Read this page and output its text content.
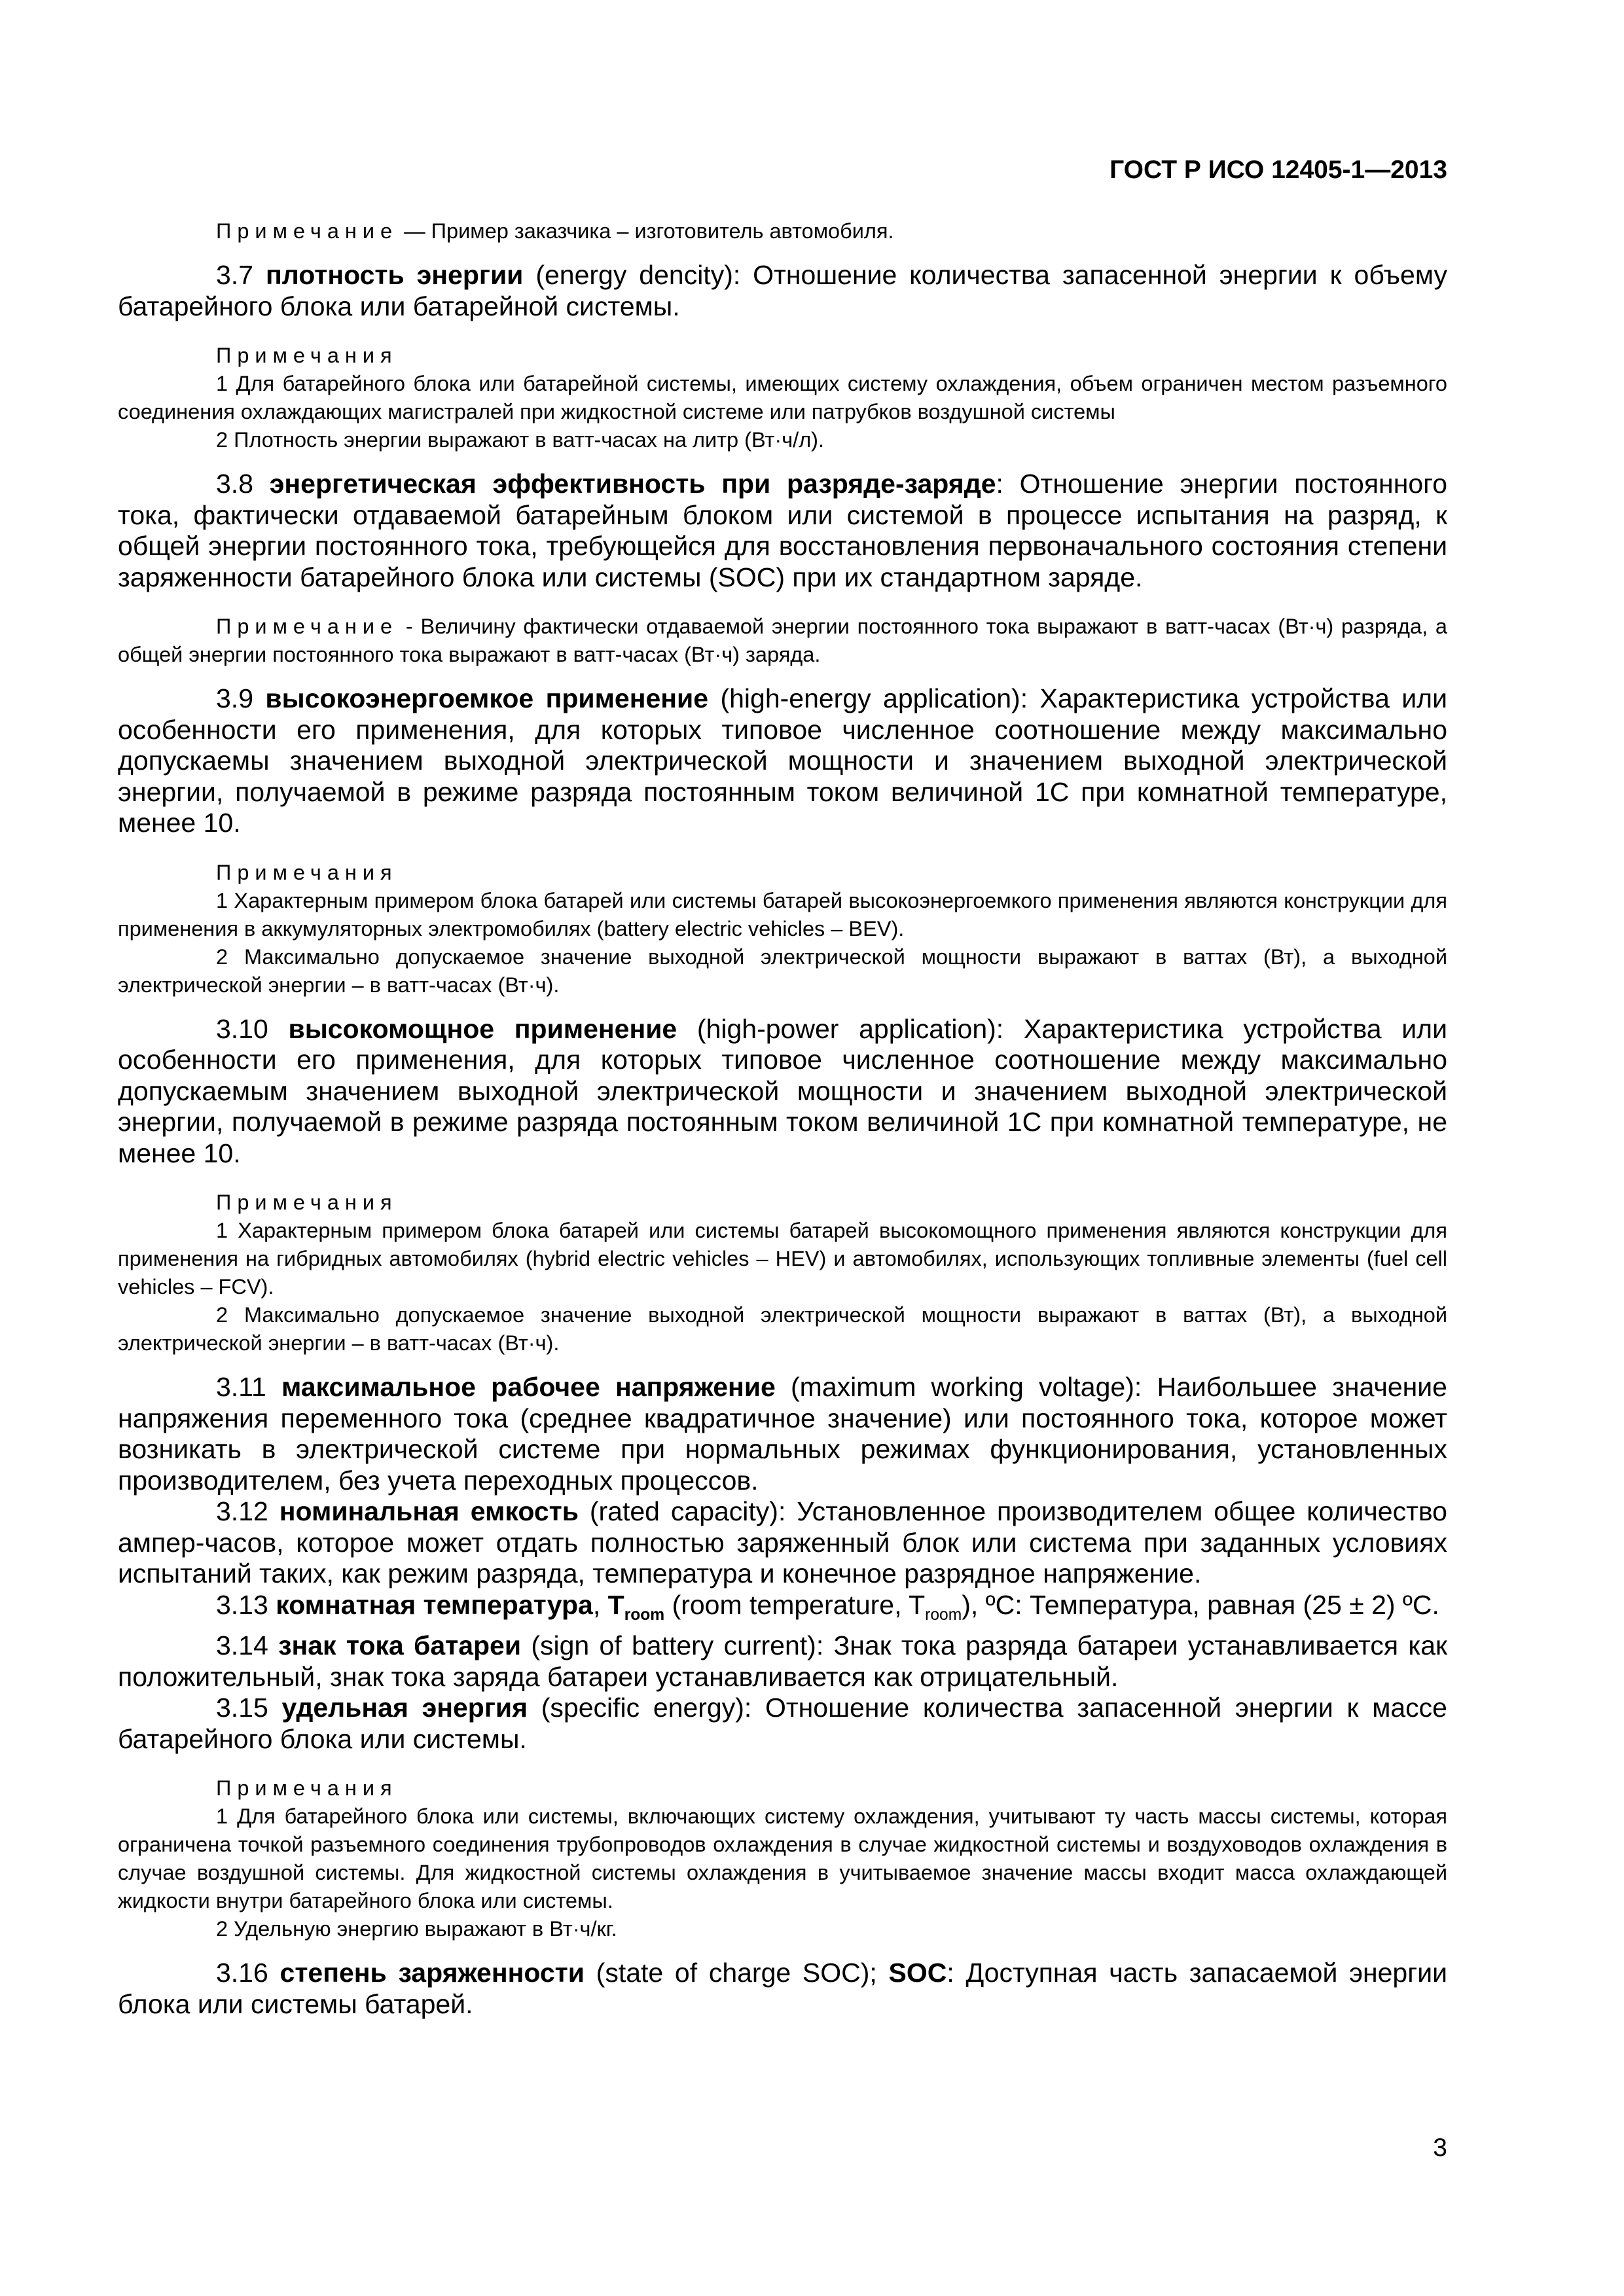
ГОСТ Р ИСО 12405-1—2013

Примечание — Пример заказчика – изготовитель автомобиля.

3.7 плотность энергии (energy dencity): Отношение количества запасенной энергии к объему батарейного блока или батарейной системы.

Примечания

1 Для батарейного блока или батарейной системы, имеющих систему охлаждения, объем ограничен местом разъемного соединения охлаждающих магистралей при жидкостной системе или патрубков воздушной системы

2 Плотность энергии выражают в ватт-часах на литр (Вт·ч/л).

3.8 энергетическая эффективность при разряде-заряде: Отношение энергии постоянного тока, фактически отдаваемой батарейным блоком или системой в процессе испытания на разряд, к общей энергии постоянного тока, требующейся для восстановления первоначального состояния степени заряженности батарейного блока или системы (SOC) при их стандартном заряде.

Примечание - Величину фактически отдаваемой энергии постоянного тока выражают в ватт-часах (Вт·ч) разряда, а общей энергии постоянного тока выражают в ватт-часах (Вт·ч) заряда.

3.9 высокоэнергоемкое применение (high-energy application): Характеристика устройства или особенности его применения, для которых типовое численное соотношение между максимально допускаемы значением выходной электрической мощности и значением выходной электрической энергии, получаемой в режиме разряда постоянным током величиной 1С при комнатной температуре, менее 10.

Примечания

1 Характерным примером блока батарей или системы батарей высокоэнергоемкого применения являются конструкции для применения в аккумуляторных электромобилях (battery electric vehicles – BEV).

2 Максимально допускаемое значение выходной электрической мощности выражают в ваттах (Вт), а выходной электрической энергии – в ватт-часах (Вт·ч).

3.10 высокомощное применение (high-power application): Характеристика устройства или особенности его применения, для которых типовое численное соотношение между максимально допускаемым значением выходной электрической мощности и значением выходной электрической энергии, получаемой в режиме разряда постоянным током величиной 1С при комнатной температуре, не менее 10.

Примечания

1 Характерным примером блока батарей или системы батарей высокомощного применения являются конструкции для применения на гибридных автомобилях (hybrid electric vehicles – HEV) и автомобилях, использующих топливные элементы (fuel cell vehicles – FCV).

2 Максимально допускаемое значение выходной электрической мощности выражают в ваттах (Вт), а выходной электрической энергии – в ватт-часах (Вт·ч).

3.11 максимальное рабочее напряжение (maximum working voltage): Наибольшее значение напряжения переменного тока (среднее квадратичное значение) или постоянного тока, которое может возникать в электрической системе при нормальных режимах функционирования, установленных производителем, без учета переходных процессов.

3.12 номинальная емкость (rated capacity): Установленное производителем общее количество ампер-часов, которое может отдать полностью заряженный блок или система при заданных условиях испытаний таких, как режим разряда, температура и конечное разрядное напряжение.

3.13 комнатная температура, $T_{room}$ (room temperature, $T_{room}$), ºC: Температура, равная (25 ± 2) ºC.

3.14 знак тока батареи (sign of battery current): Знак тока разряда батареи устанавливается как положительный, знак тока заряда батареи устанавливается как отрицательный.

3.15 удельная энергия (specific energy): Отношение количества запасенной энергии к массе батарейного блока или системы.

Примечания

1 Для батарейного блока или системы, включающих систему охлаждения, учитывают ту часть массы системы, которая ограничена точкой разъемного соединения трубопроводов охлаждения в случае жидкостной системы и воздуховодов охлаждения в случае воздушной системы. Для жидкостной системы охлаждения в учитываемое значение массы входит масса охлаждающей жидкости внутри батарейного блока или системы.

2 Удельную энергию выражают в Вт·ч/кг.

3.16 степень заряженности (state of charge SOC); SOC: Доступная часть запасаемой энергии блока или системы батарей.

3
